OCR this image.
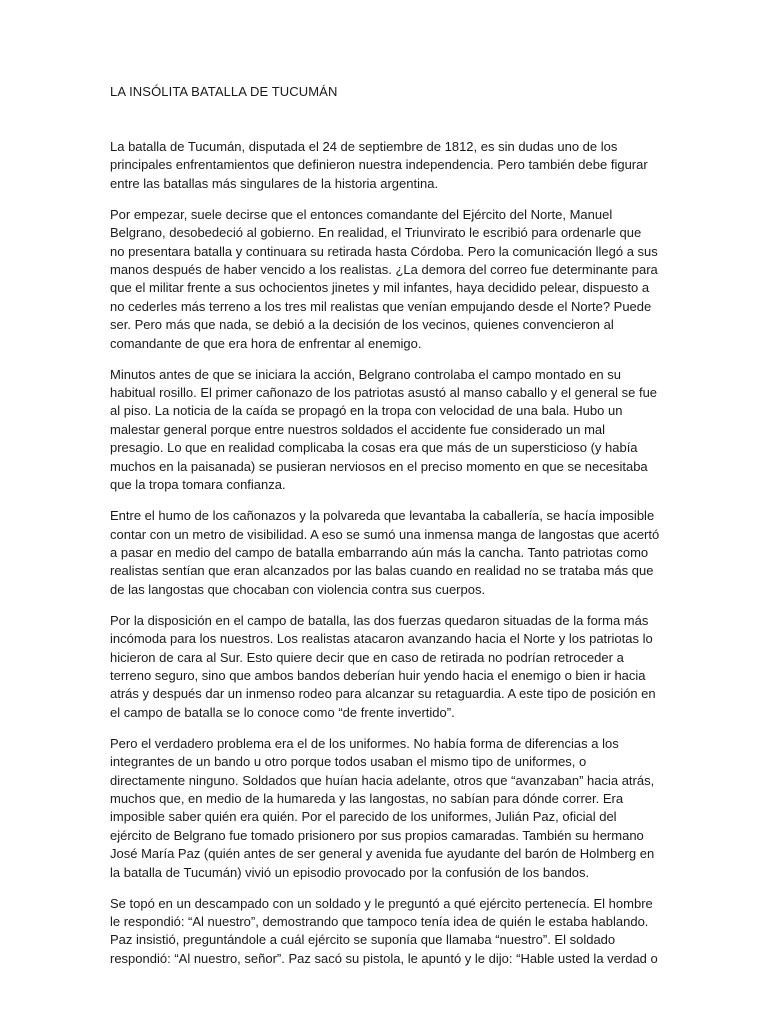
LA INSÓLITA BATALLA DE TUCUMÁN

La batalla de Tucumán, disputada el 24 de septiembre de 1812, es sin dudas uno de los
principales enfrentamientos que definieron nuestra independencia. Pero también debe figurar
entre las batallas más singulares de la historia argentina.

Por empezar, suele decirse que el entonces comandante del Ejército del Norte, Manuel
Belgrano, desobedeció al gobierno. En realidad, el Triunvirato le escribió para ordenarle que
no presentara batalla y continuara su retirada hasta Córdoba. Pero la comunicación llegó a sus
manos después de haber vencido a los realistas. ¿La demora del correo fue determinante para
que el militar frente a sus ochocientos jinetes y mil infantes, haya decidido pelear, dispuesto a
no cederles más terreno a los tres mil realistas que venían empujando desde el Norte? Puede
ser. Pero más que nada, se debió a la decisión de los vecinos, quienes convencieron al
comandante de que era hora de enfrentar al enemigo.

Minutos antes de que se iniciara la acción, Belgrano controlaba el campo montado en su
habitual rosillo. El primer cañonazo de los patriotas asustó al manso caballo y el general se fue
al piso. La noticia de la caída se propagó en la tropa con velocidad de una bala. Hubo un
malestar general porque entre nuestros soldados el accidente fue considerado un mal
presagio. Lo que en realidad complicaba la cosas era que más de un supersticioso (y había
muchos en la paisanada) se pusieran nerviosos en el preciso momento en que se necesitaba
que la tropa tomara confianza.

Entre el humo de los cañonazos y la polvareda que levantaba la caballería, se hacía imposible
contar con un metro de visibilidad. A eso se sumó una inmensa manga de langostas que acertó
a pasar en medio del campo de batalla embarrando aún más la cancha. Tanto patriotas como
realistas sentían que eran alcanzados por las balas cuando en realidad no se trataba más que
de las langostas que chocaban con violencia contra sus cuerpos.

Por la disposición en el campo de batalla, las dos fuerzas quedaron situadas de la forma más
incómoda para los nuestros. Los realistas atacaron avanzando hacia el Norte y los patriotas lo
hicieron de cara al Sur. Esto quiere decir que en caso de retirada no podrían retroceder a
terreno seguro, sino que ambos bandos deberían huir yendo hacia el enemigo o bien ir hacia
atrás y después dar un inmenso rodeo para alcanzar su retaguardia. A este tipo de posición en
el campo de batalla se lo conoce como “de frente invertido”.

Pero el verdadero problema era el de los uniformes. No había forma de diferencias a los
integrantes de un bando u otro porque todos usaban el mismo tipo de uniformes, o
directamente ninguno. Soldados que huían hacia adelante, otros que “avanzaban” hacia atrás,
muchos que, en medio de la humareda y las langostas, no sabían para dónde correr. Era
imposible saber quién era quién. Por el parecido de los uniformes, Julián Paz, oficial del
ejército de Belgrano fue tomado prisionero por sus propios camaradas. También su hermano
José María Paz (quién antes de ser general y avenida fue ayudante del barón de Holmberg en
la batalla de Tucumán) vivió un episodio provocado por la confusión de los bandos.

Se topó en un descampado con un soldado y le preguntó a qué ejército pertenecía. El hombre
le respondió: “Al nuestro”, demostrando que tampoco tenía idea de quién le estaba hablando.
Paz insistió, preguntándole a cuál ejército se suponía que llamaba “nuestro”. El soldado
respondió: “Al nuestro, señor”. Paz sacó su pistola, le apuntó y le dijo: “Hable usted la verdad o
